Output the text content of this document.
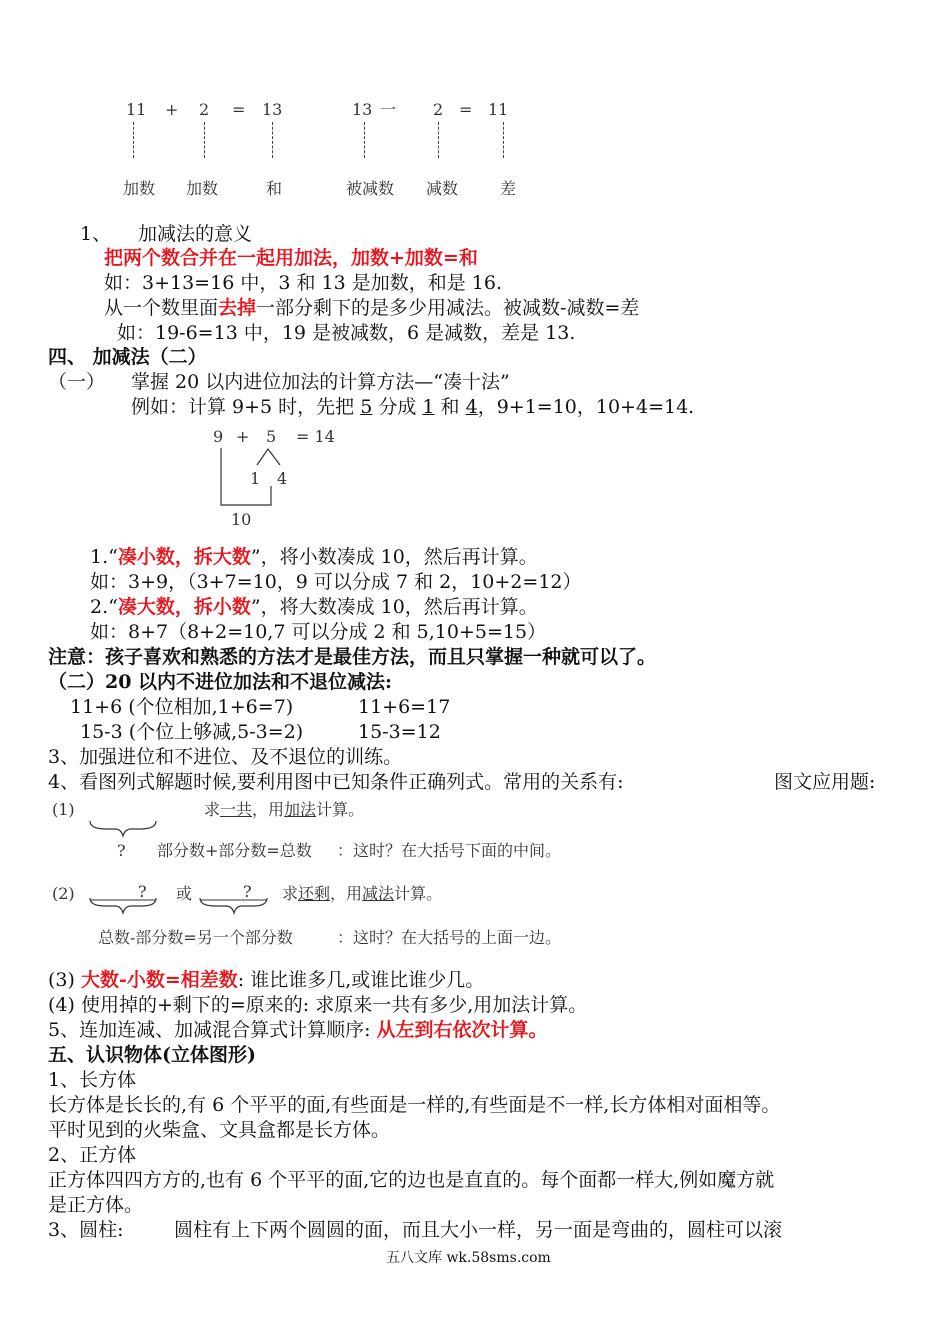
11 + 2 = 13	13 一 2 = 11
加数 加数	和	被减数 减数	差
1、 加减法的意义
把两个数合并在一起用加法，加数+加数=和
如：3+13=16 中，3 和 13 是加数，和是 16.
从一个数里面去掉一部分剩下的是多少用减法。被减数-减数=差
如：19-6=13 中，19 是被减数，6 是减数，差是 13.
四、 加减法（二）
（一） 掌握 20 以内进位加法的计算方法—“凑十法”
例如：计算 9+5 时，先把 5 分成 1 和 4，9+1=10，10+4=14.
9 + 5 = 14
1 4
10
1.“凑小数，拆大数”，将小数凑成 10，然后再计算。
如：3+9，（3+7=10，9 可以分成 7 和 2，10+2=12）
2.“凑大数，拆小数”，将大数凑成 10，然后再计算。
如：8+7（8+2=10,7 可以分成 2 和 5,10+5=15）
注意：孩子喜欢和熟悉的方法才是最佳方法，而且只掌握一种就可以了。
（二）20 以内不进位加法和不退位减法:
11+6 (个位相加,1+6=7)	11+6=17
15-3 (个位上够减,5-3=2)	15-3=12
3、加强进位和不进位、及不退位的训练。
4、看图列式解题时候,要利用图中已知条件正确列式。常用的关系有:	图文应用题:
(1)	求一共，用加法计算。
? 部分数+部分数=总数 ：这时？在大括号下面的中间。
(2)	? 或	? 求还剩，用减法计算。
总数-部分数=另一个部分数	：这时？在大括号的上面一边。
(3) 大数-小数=相差数: 谁比谁多几,或谁比谁少几。
(4) 使用掉的+剩下的=原来的: 求原来一共有多少,用加法计算。
5、连加连减、加减混合算式计算顺序: 从左到右依次计算。
五、认识物体(立体图形)
1、长方体
长方体是长长的,有 6 个平平的面,有些面是一样的,有些面是不一样,长方体相对面相等。
平时见到的火柴盒、文具盒都是长方体。
2、正方体
正方体四四方方的,也有 6 个平平的面,它的边也是直直的。每个面都一样大,例如魔方就
是正方体。
3、圆柱:	圆柱有上下两个圆圆的面，而且大小一样，另一面是弯曲的，圆柱可以滚
五八文库 wk.58sms.com
